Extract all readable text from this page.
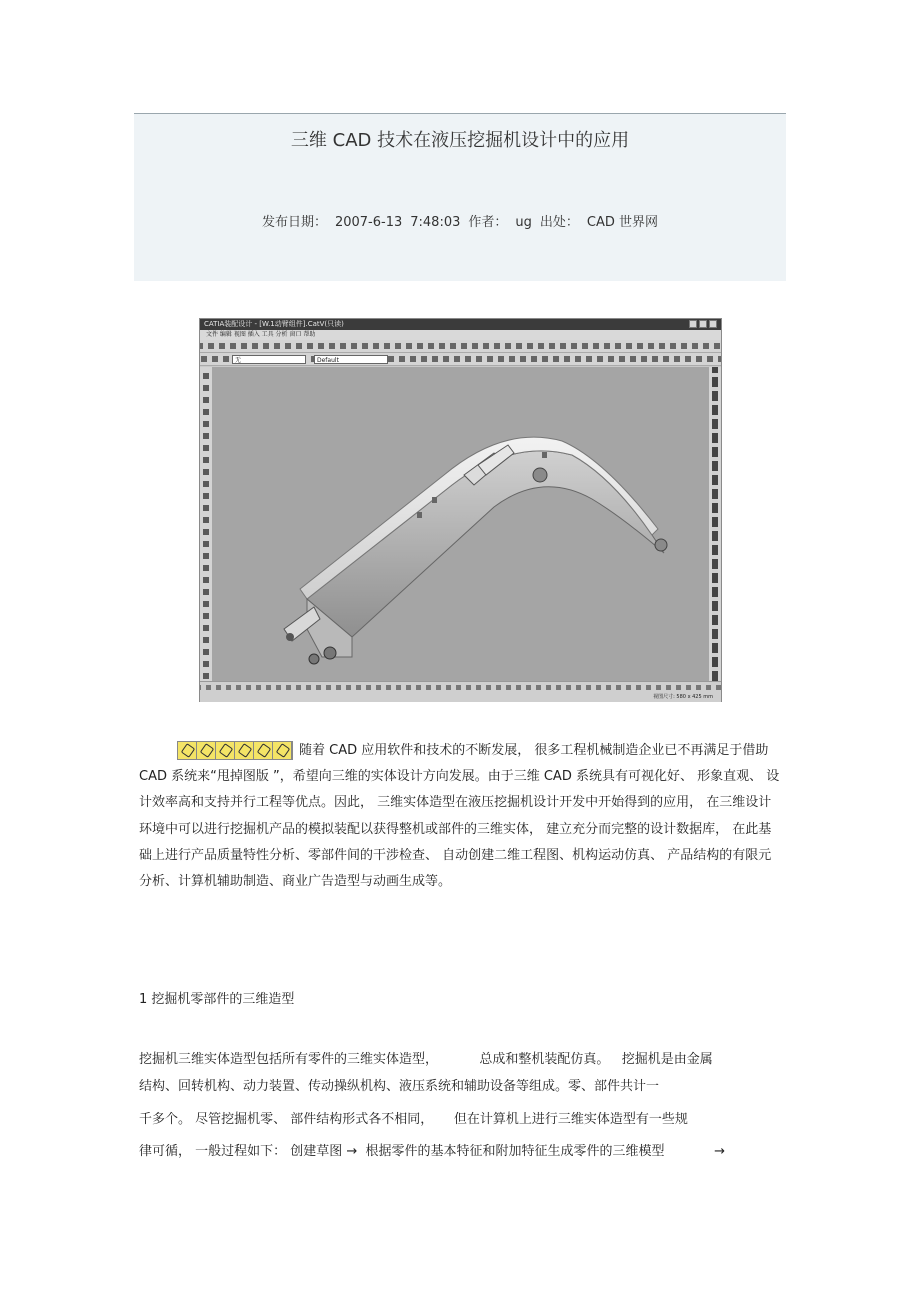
三维 CAD 技术在液压挖掘机设计中的应用
发布日期： 2007-6-13 7:48:03 作者： ug 出处： CAD 世界网
CATIA装配设计 - [W.1动臂组件].CatV(只读)
文件 编辑 视图 插入 工具 分析 窗口 帮助
无	Default
视图尺寸: 580 x 425 mm
随着 CAD 应用软件和技术的不断发展， 很多工程机械制造企业已不再满足于借助 CAD 系统来“甩掉图版 ”，希望向三维的实体设计方向发展。由于三维 CAD 系统具有可视化好、 形象直观、 设计效率高和支持并行工程等优点。因此， 三维实体造型在液压挖掘机设计开发中开始得到的应用， 在三维设计环境中可以进行挖掘机产品的模拟装配以获得整机或部件的三维实体， 建立充分而完整的设计数据库， 在此基础上进行产品质量特性分析、零部件间的干涉检查、 自动创建二维工程图、机构运动仿真、 产品结构的有限元分析、计算机辅助制造、商业广告造型与动画生成等。
1 挖掘机零部件的三维造型
挖掘机三维实体造型包括所有零件的三维实体造型，          总成和整机装配仿真。   挖掘机是由金属
结构、回转机构、动力装置、传动操纵机构、液压系统和辅助设备等组成。零、部件共计一
千多个。 尽管挖掘机零、 部件结构形式各不相同，     但在计算机上进行三维实体造型有一些规
律可循， 一般过程如下： 创建草图 →  根据零件的基本特征和附加特征生成零件的三维模型            →
